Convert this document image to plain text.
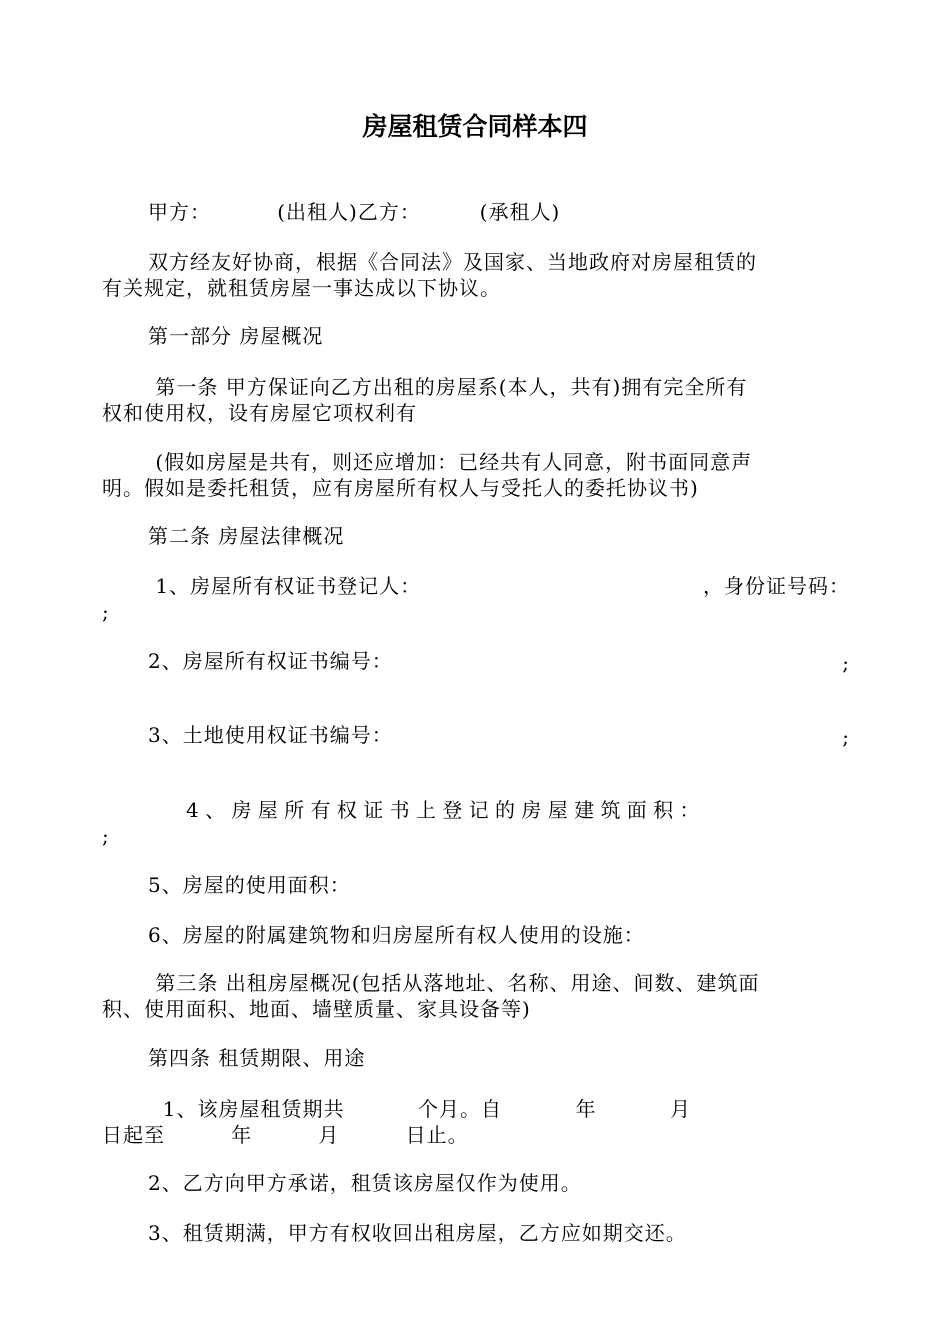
房屋租赁合同样本四
甲方：         (出租人)乙方：        (承租人)
双方经友好协商，根据《合同法》及国家、当地政府对房屋租赁的
有关规定，就租赁房屋一事达成以下协议。
第一部分 房屋概况
第一条 甲方保证向乙方出租的房屋系(本人，共有)拥有完全所有
权和使用权，设有房屋它项权利有
(假如房屋是共有，则还应增加：已经共有人同意，附书面同意声
明。假如是委托租赁，应有房屋所有权人与受托人的委托协议书)
第二条 房屋法律概况
1、房屋所有权证书登记人：	，身份证号码：
;
2、房屋所有权证书编号：	;
3、土地使用权证书编号：	;
4 、 房 屋 所 有 权 证 书 上 登 记 的 房 屋 建 筑 面 积 ：
;
5、房屋的使用面积：
6、房屋的附属建筑物和归房屋所有权人使用的设施：
第三条 出租房屋概况(包括从落地址、名称、用途、间数、建筑面
积、使用面积、地面、墙壁质量、家具设备等)
第四条 租赁期限、用途
1、该房屋租赁期共          个月。自          年          月
日起至         年         月         日止。
2、乙方向甲方承诺，租赁该房屋仅作为使用。
3、租赁期满，甲方有权收回出租房屋，乙方应如期交还。
